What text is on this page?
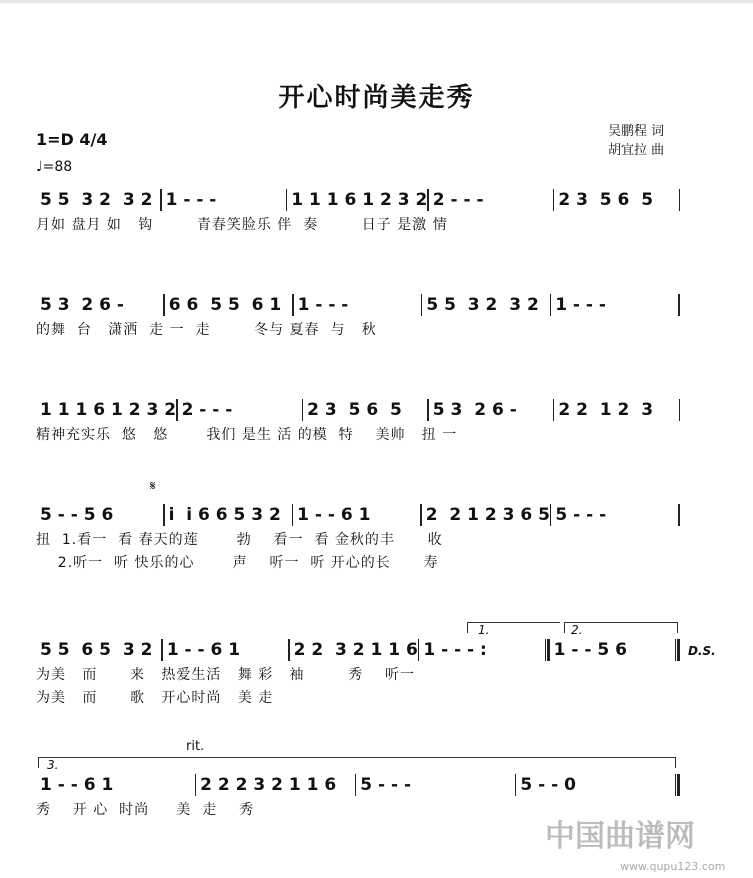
开心时尚美走秀
1=D 4/4
♩=88
吴鹏程 词
胡宜拉 曲
5 5  3 2  3 2 1 - - -	1 1 1 6 1 2 3 2 2 - - -	2 3  5 6  5
月如 盘月 如   钩        青春笑脸乐 伴  奏        日子 是激 情
5 3  2 6 -	6 6  5 5  6 1 1 - - -	5 5  3 2  3 2 1 - - -
的舞  台   潇洒  走 一  走        冬与 夏春  与   秋
1 1 1 6 1 2 3 2 2 - - -	2 3  5 6  5	5 3  2 6 -	2 2  1 2  3
精神充实乐  悠   悠       我们 是生 活 的模  特    美帅   扭 一
5 - - 5 6	i  i 6 6 5 3 2 1 - - 6 1	2  2 1 2 3 6 5 5 - - -
扭  1.看一  看 春天的莲       勃    看一  看 金秋的丰      收
2.听一  听 快乐的心       声    听一  听 开心的长      寿
5 5  6 5  3 2 1 - - 6 1	2 2  3 2 1 1 6 1 - - - :	1 - - 5 6
为美   而      来   热爱生活   舞 彩   袖        秀    听一
为美   而      歌   开心时尚   美 走
1 - - 6 1	2 2 2 3 2 1 1 6	5 - - -	5 - - 0
秀    开 心  时尚     美  走    秀
𝄋
1.	2.
D.S.
rit.
3.
中国曲谱网
www.qupu123.com
